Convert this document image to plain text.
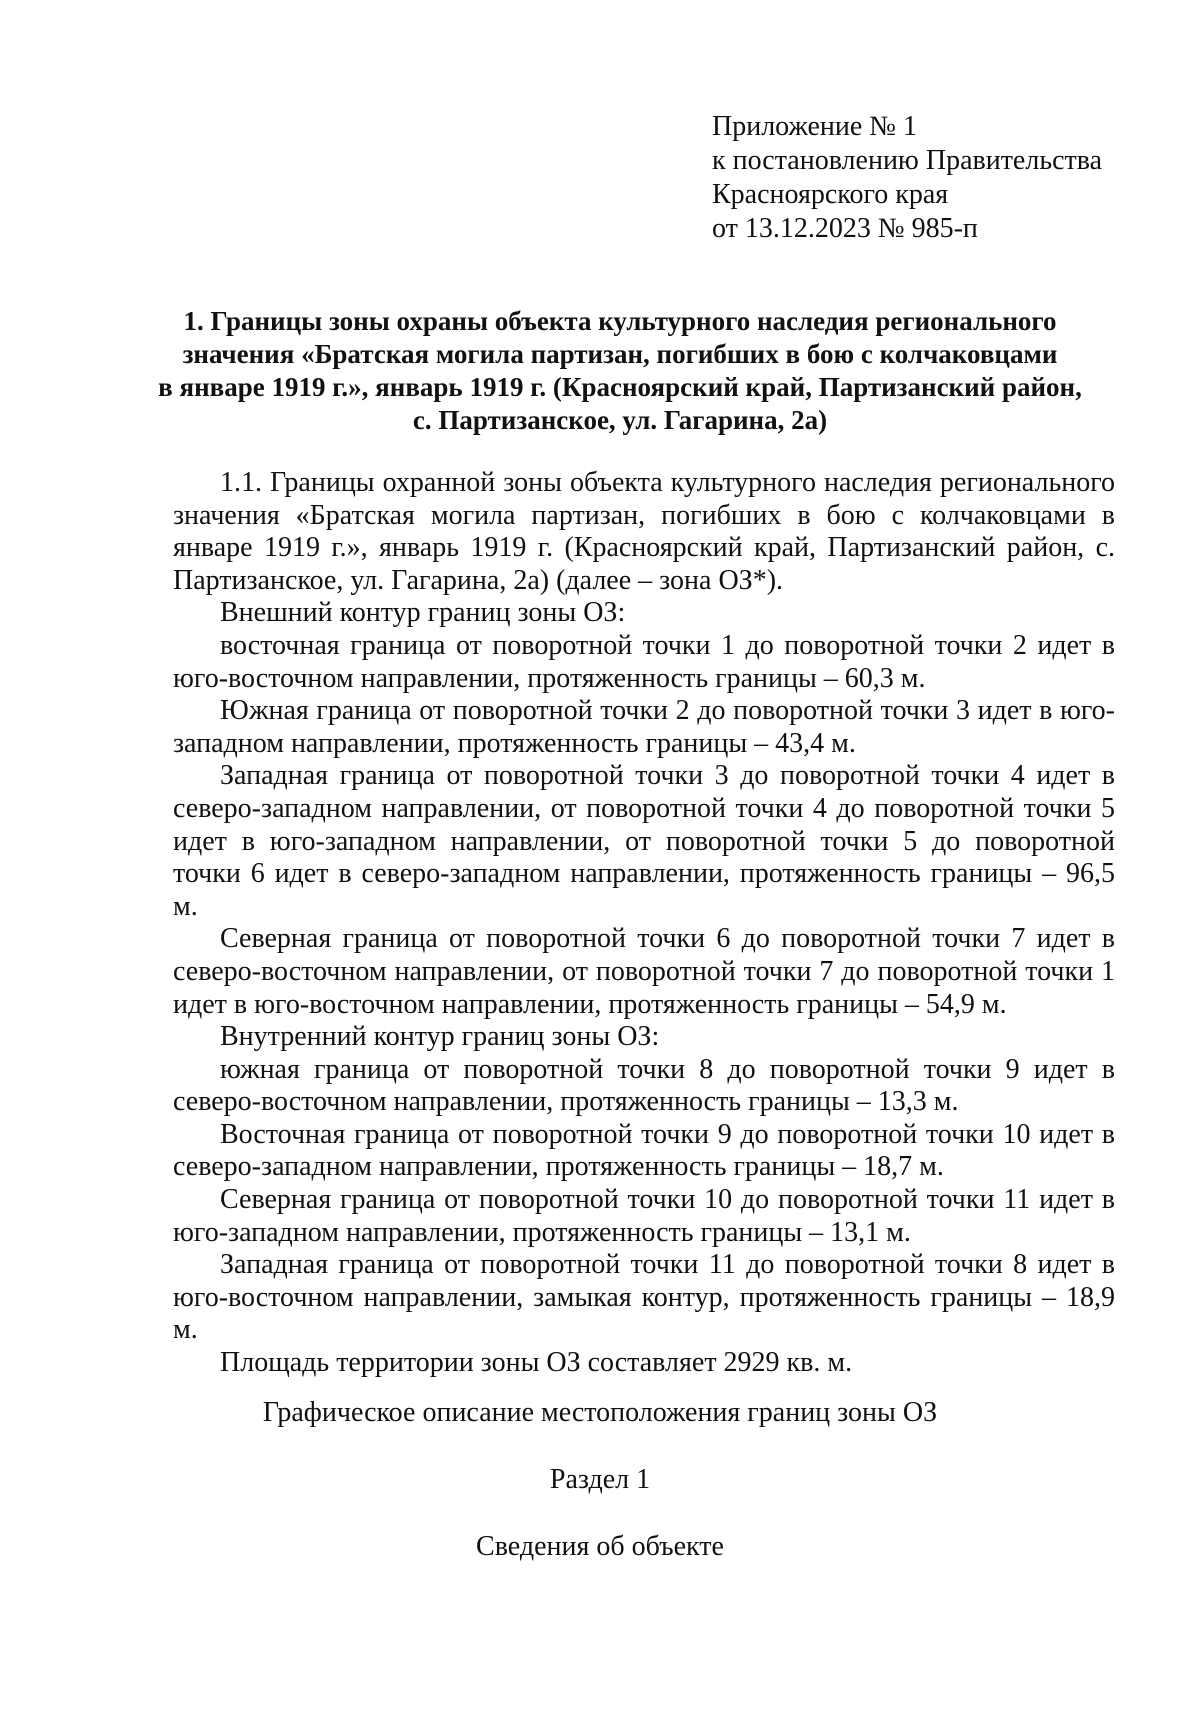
Приложение № 1
к постановлению Правительства
Красноярского края
от 13.12.2023 № 985-п
1. Границы зоны охраны объекта культурного наследия регионального
значения «Братская могила партизан, погибших в бою с колчаковцами
в январе 1919 г.», январь 1919 г. (Красноярский край, Партизанский район,
с. Партизанское, ул. Гагарина, 2а)

1.1. Границы охранной зоны объекта культурного наследия регионального значения «Братская могила партизан, погибших в бою с колчаковцами в январе 1919 г.», январь 1919 г. (Красноярский край, Партизанский район, с. Партизанское, ул. Гагарина, 2а) (далее – зона ОЗ*).

Внешний контур границ зоны ОЗ:

восточная граница от поворотной точки 1 до поворотной точки 2 идет в юго-восточном направлении, протяженность границы – 60,3 м.

Южная граница от поворотной точки 2 до поворотной точки 3 идет в юго-западном направлении, протяженность границы – 43,4 м.

Западная граница от поворотной точки 3 до поворотной точки 4 идет в северо-западном направлении, от поворотной точки 4 до поворотной точки 5 идет в юго-западном направлении, от поворотной точки 5 до поворотной точки 6 идет в северо-западном направлении, протяженность границы – 96,5 м.

Северная граница от поворотной точки 6 до поворотной точки 7 идет в северо-восточном направлении, от поворотной точки 7 до поворотной точки 1 идет в юго-восточном направлении, протяженность границы – 54,9 м.

Внутренний контур границ зоны ОЗ:

южная граница от поворотной точки 8 до поворотной точки 9 идет в северо-восточном направлении, протяженность границы – 13,3 м.

Восточная граница от поворотной точки 9 до поворотной точки 10 идет в северо-западном направлении, протяженность границы – 18,7 м.

Северная граница от поворотной точки 10 до поворотной точки 11 идет в юго-западном направлении, протяженность границы – 13,1 м.

Западная граница от поворотной точки 11 до поворотной точки 8 идет в юго-восточном направлении, замыкая контур, протяженность границы – 18,9 м.

Площадь территории зоны ОЗ составляет 2929 кв. м.

Графическое описание местоположения границ зоны ОЗ
Раздел 1
Сведения об объекте
